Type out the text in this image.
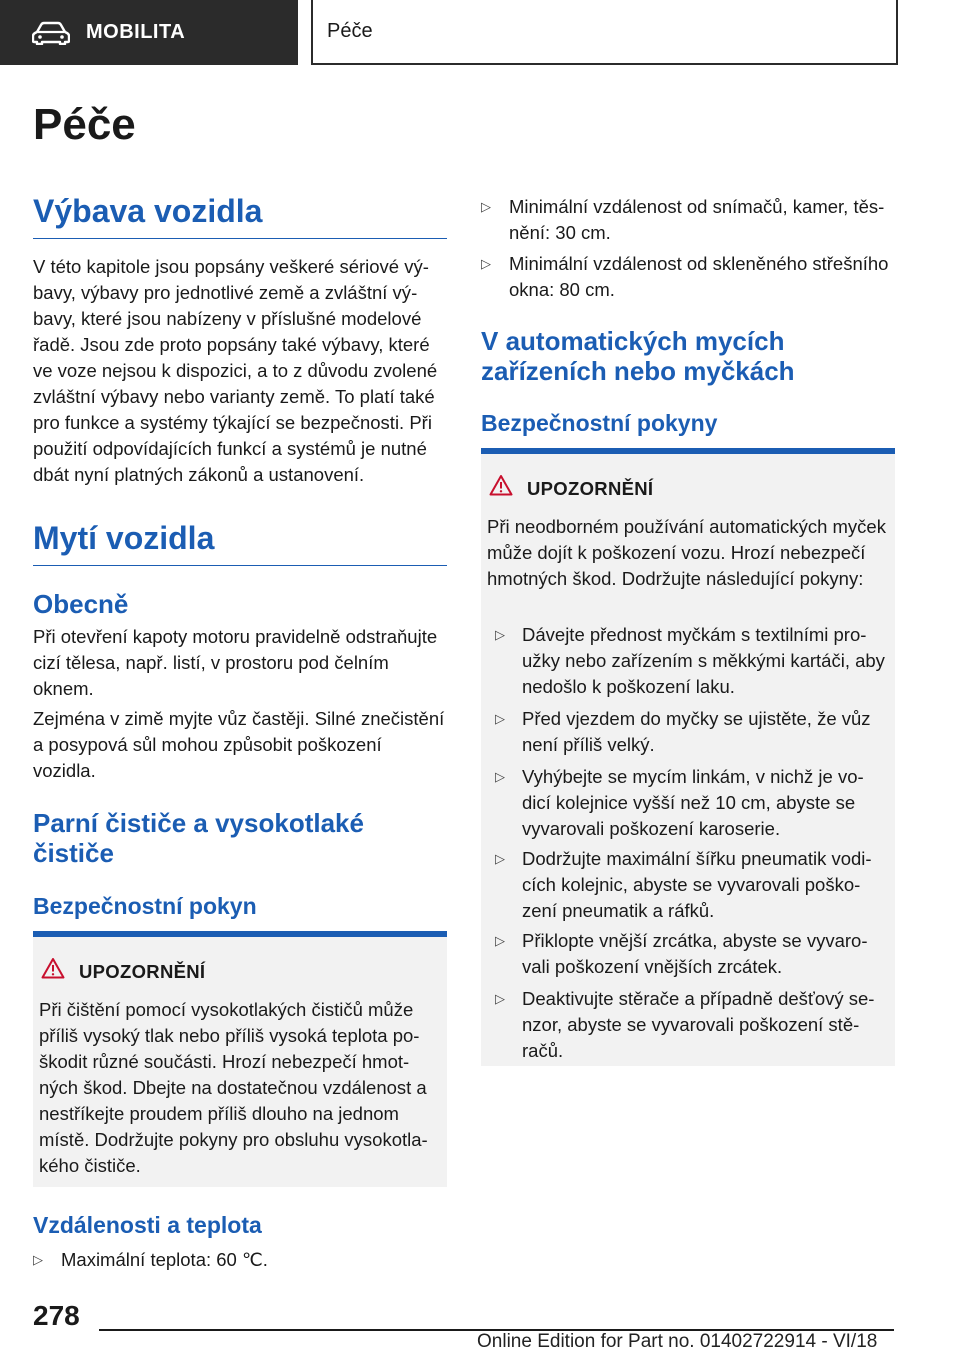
MOBILITA	Péče
Péče
Výbava vozidla

V této kapitole jsou popsány veškeré sériové výbavy, výbavy pro jednotlivé země a zvláštní výbavy, které jsou nabízeny v příslušné modelové řadě. Jsou zde proto popsány také výbavy, které ve voze nejsou k dispozici, a to z důvodu zvolené zvláštní výbavy nebo varianty země. To platí také pro funkce a systémy týkající se bezpečnosti. Při použití odpovídajících funkcí a systémů je nutné dbát nyní platných zákonů a ustanovení.

Mytí vozidla
Obecně

Při otevření kapoty motoru pravidelně odstraňujte cizí tělesa, např. listí, v prostoru pod čelním oknem.

Zejména v zimě myjte vůz častěji. Silné znečistění a posypová sůl mohou způsobit poškození vozidla.

Parní čističe a vysokotlaké čističe
Bezpečnostní pokyn
UPOZORNĚNÍ

Při čištění pomocí vysokotlakých čističů může příliš vysoký tlak nebo příliš vysoká teplota poškodit různé součásti. Hrozí nebezpečí hmotných škod. Dbejte na dostatečnou vzdálenost a nestříkejte proudem příliš dlouho na jednom místě. Dodržujte pokyny pro obsluhu vysokotlakého čističe.

Vzdálenosti a teplota
▷ Maximální teplota: 60 ℃.
▷ Minimální vzdálenost od snímačů, kamer, těsnění: 30 cm.
▷ Minimální vzdálenost od skleněného střešního okna: 80 cm.
V automatických mycích zařízeních nebo myčkách
Bezpečnostní pokyny
UPOZORNĚNÍ

Při neodborném používání automatických myček může dojít k poškození vozu. Hrozí nebezpečí hmotných škod. Dodržujte následující pokyny:

▷ Dávejte přednost myčkám s textilními proužky nebo zařízením s měkkými kartáči, aby nedošlo k poškození laku.
▷ Před vjezdem do myčky se ujistěte, že vůz není příliš velký.
▷ Vyhýbejte se mycím linkám, v nichž je vodicí kolejnice vyšší než 10 cm, abyste se vyvarovali poškození karoserie.
▷ Dodržujte maximální šířku pneumatik vodicích kolejnic, abyste se vyvarovali poškození pneumatik a ráfků.
▷ Přiklopte vnější zrcátka, abyste se vyvarovali poškození vnějších zrcátek.
▷ Deaktivujte stěrače a případně dešťový senzor, abyste se vyvarovali poškození stěračů.
278
Online Edition for Part no. 01402722914 - VI/18
